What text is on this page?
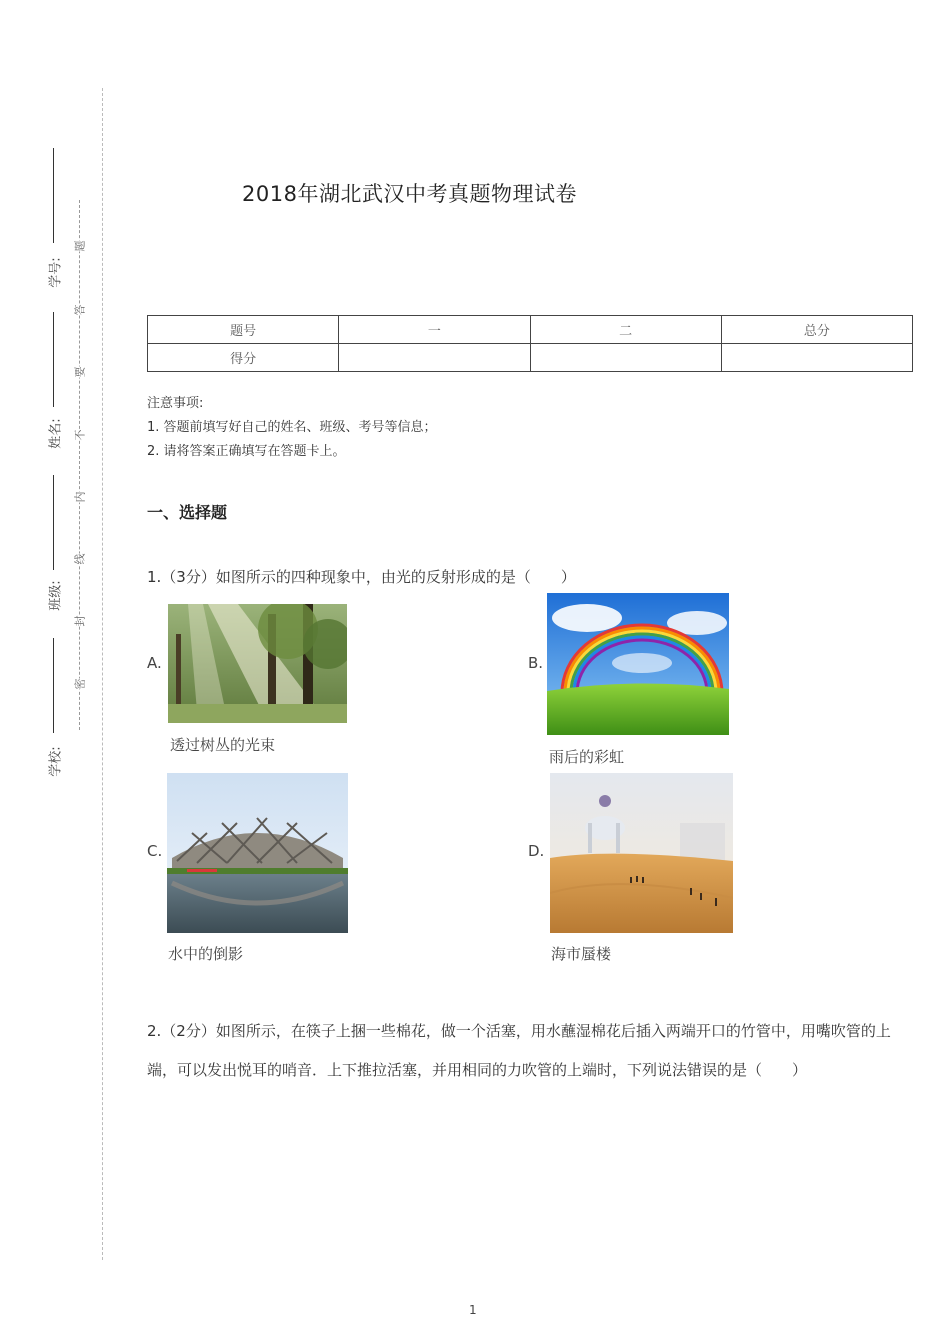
学号:
姓名:
班级:
学校:
题
答
要
不
内
线
封
密
2018年湖北武汉中考真题物理试卷
题号	一	二	总分
得分			
注意事项:
1. 答题前填写好自己的姓名、班级、考号等信息；
2. 请将答案正确填写在答题卡上。
一、选择题
1.（3分）如图所示的四种现象中，由光的反射形成的是（　　）
A.
透过树丛的光束
B.
雨后的彩虹
C.
水中的倒影
D.
海市蜃楼
2.（2分）如图所示，在筷子上捆一些棉花，做一个活塞，用水蘸湿棉花后插入两端开口的竹管中，用嘴吹管的上端，可以发出悦耳的哨音．上下推拉活塞，并用相同的力吹管的上端时，下列说法错误的是（　　）
1
